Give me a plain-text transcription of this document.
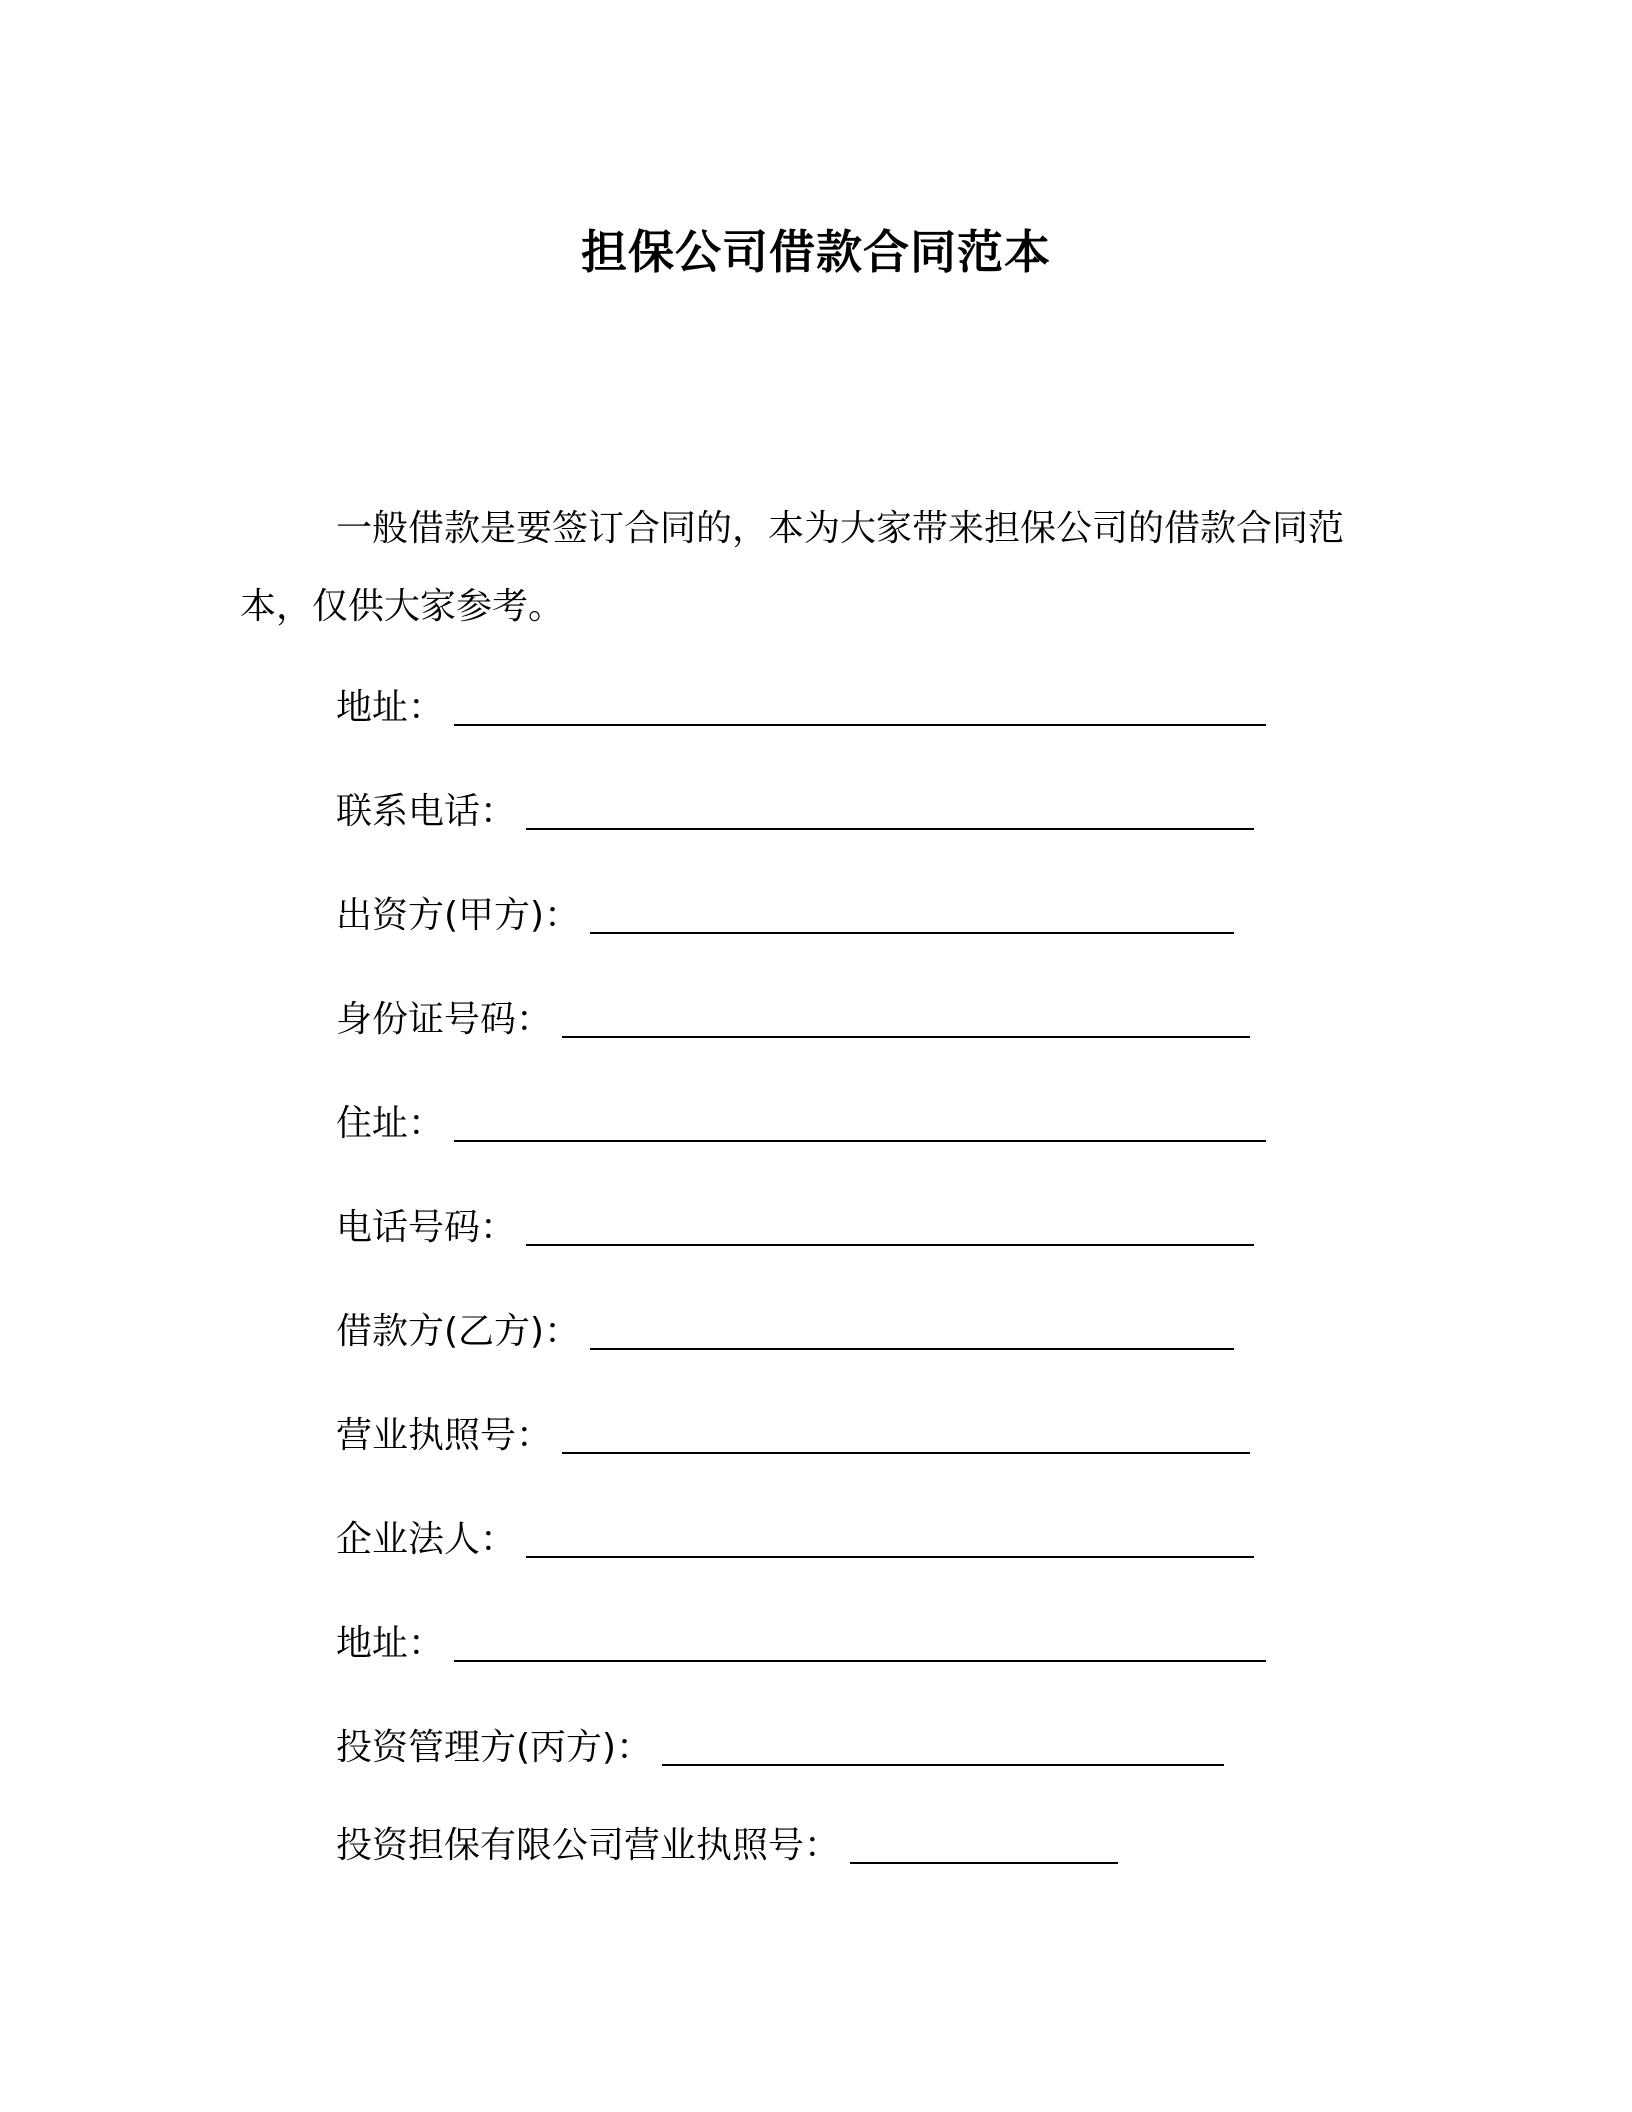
担保公司借款合同范本

一般借款是要签订合同的，本为大家带来担保公司的借款合同范本，仅供大家参考。

地址：
联系电话：
出资方(甲方)：
身份证号码：
住址：
电话号码：
借款方(乙方)：
营业执照号：
企业法人：
地址：
投资管理方(丙方)：
投资担保有限公司营业执照号：
